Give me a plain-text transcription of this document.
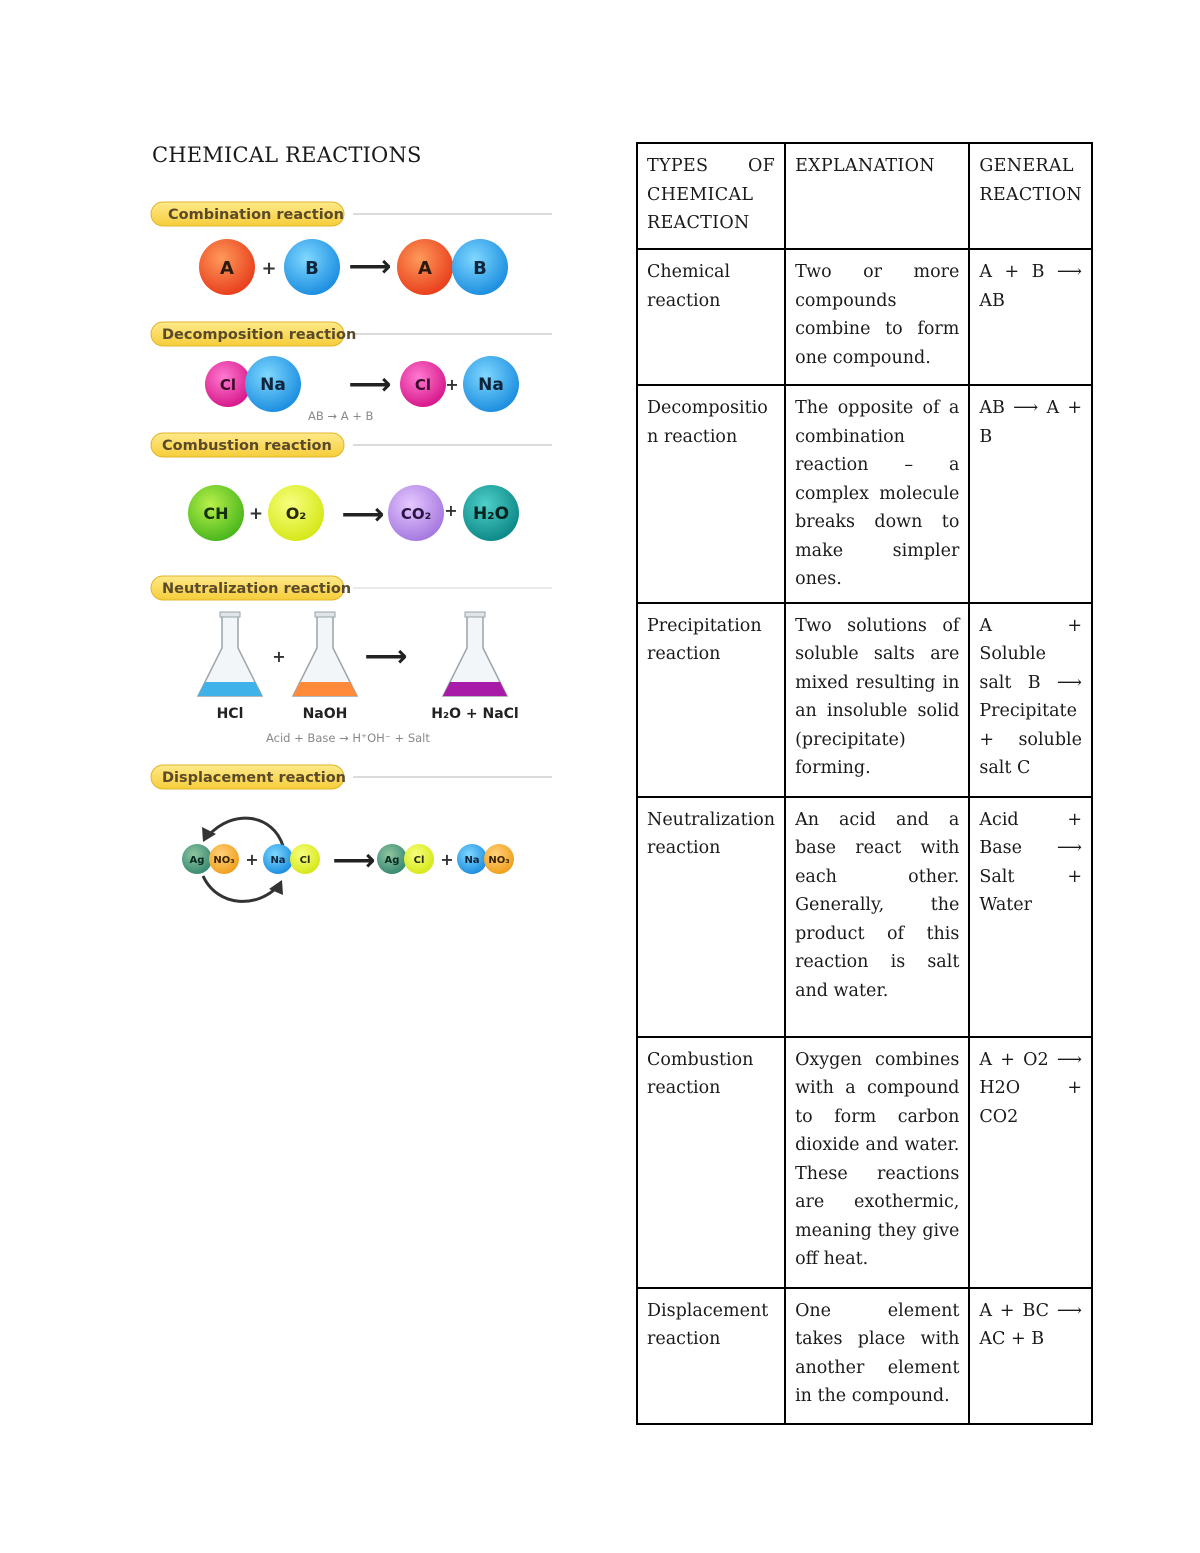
CHEMICAL REACTIONS
Combination reaction
A + B ⟶ A B
Decomposition reaction
Cl Na ⟶ Cl + Na
AB → A + B
Combustion reaction
CH + O₂ ⟶ CO₂ + H₂O
Neutralization reaction
+	⟶
HCl	NaOH	H₂O + NaCl
Acid + Base → H⁺OH⁻ + Salt
Displacement reaction
Ag NO₃ + Na Cl ⟶ Ag Cl + Na NO₃
TYPES OF CHEMICAL REACTION	EXPLANATION	GENERAL REACTION
Chemical reaction	Two or more compounds combine to form one compound.	A + B ⟶ AB
Decomposition reaction	The opposite of a combination reaction – a complex molecule breaks down to make simpler ones.	AB ⟶ A + B
Precipitation reaction	Two solutions of soluble salts are mixed resulting in an insoluble solid (precipitate) forming.	A + Soluble salt B ⟶ Precipitate + soluble salt C
Neutralization reaction	An acid and a base react with each other. Generally, the product of this reaction is salt and water.	Acid + Base ⟶ Salt + Water
Combustion reaction	Oxygen combines with a compound to form carbon dioxide and water. These reactions are exothermic, meaning they give off heat.	A + O2 ⟶ H2O + CO2
Displacement reaction	One element takes place with another element in the compound.	A + BC ⟶ AC + B
